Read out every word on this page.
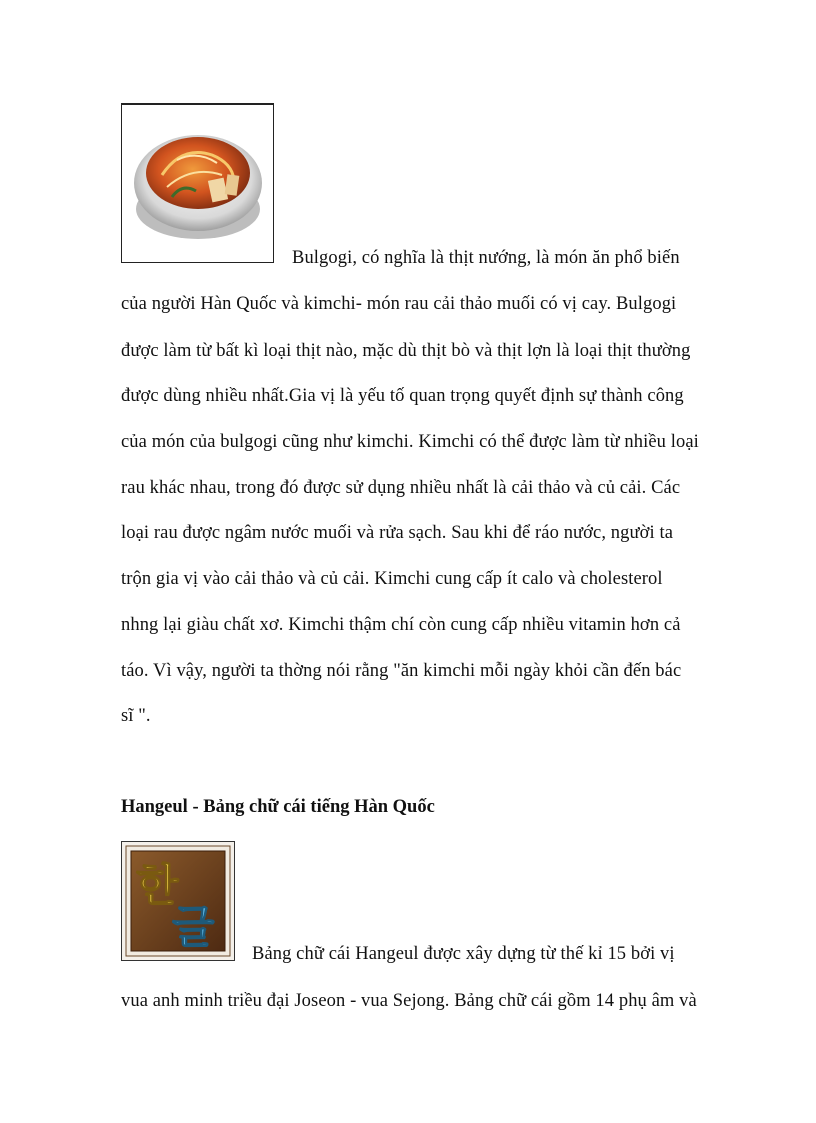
Bulgogi, có nghĩa là thịt nướng, là món ăn phổ biến
của người Hàn Quốc và kimchi- món rau cải thảo muối có vị cay. Bulgogi
được làm từ bất kì loại thịt nào, mặc dù thịt bò và thịt lợn là loại thịt thường
được dùng nhiều nhất.Gia vị là yếu tố quan trọng quyết định sự thành công
của món của bulgogi cũng như kimchi. Kimchi có thể được làm từ nhiều loại
rau khác nhau, trong đó được sử dụng nhiều nhất là cải thảo và củ cải. Các
loại rau được ngâm nước muối và rửa sạch. Sau khi để ráo nước, người ta
trộn gia vị vào cải thảo và củ cải. Kimchi cung cấp ít calo và cholesterol
nhng lại giàu chất xơ. Kimchi thậm chí còn cung cấp nhiều vitamin hơn cả
táo. Vì vậy, người ta thờng nói rằng "ăn kimchi mỗi ngày khỏi cần đến bác
sĩ ".
Hangeul - Bảng chữ cái tiếng Hàn Quốc
한
글
Bảng chữ cái Hangeul được xây dựng từ thế kỉ 15 bởi vị
vua anh minh triều đại Joseon - vua Sejong. Bảng chữ cái gồm 14 phụ âm và
